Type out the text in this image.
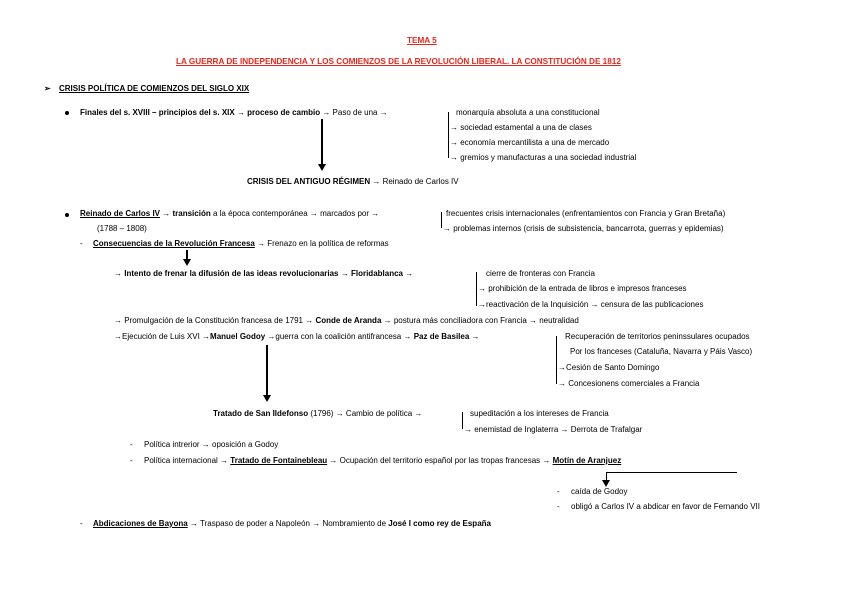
TEMA 5
LA GUERRA DE INDEPENDENCIA Y LOS COMIENZOS DE LA REVOLUCIÓN LIBERAL. LA CONSTITUCIÓN DE 1812
➢ CRISIS POLÍTICA DE COMIENZOS DEL SIGLO XIX
Finales del s. XVIII – principios del s. XIX → proceso de cambio → Paso de una →	monarquía absoluta a una constitucional
→ sociedad estamental a una de clases
→ economía mercantilista a una de mercado
→ gremios y manufacturas a una sociedad industrial
CRISIS DEL ANTIGUO RÉGIMEN → Reinado de Carlos IV
Reinado de Carlos IV → transición a la época contemporánea → marcados por →
(1788 – 1808)
frecuentes crisis internacionales (enfrentamientos con Francia y Gran Bretaña)
→ problemas internos (crisis de subsistencia, bancarrota, guerras y epidemias)
- Consecuencias de la Revolución Francesa → Frenazo en la política de reformas
→ Intento de frenar la difusión de las ideas revolucionarias → Floridablanca →	cierre de fronteras con Francia
→ prohibición de la entrada de libros e impresos franceses
→reactivación de la Inquisición → censura de las publicaciones
→ Promulgación de la Constitución francesa de 1791 → Conde de Aranda → postura más conciliadora con Francia → neutralidad
→Ejecución de Luis XVI →Manuel Godoy →guerra con la coalición antifrancesa → Paz de Basilea →	Recuperación de territorios peninssulares ocupados
Por los franceses (Cataluña, Navarra y Páis Vasco)
→Cesión de Santo Domingo
→ Concesionens comerciales a Francia
Tratado de San Ildefonso (1796) → Cambio de política →	supeditación a los intereses de Francia
→ enemistad de Inglaterra → Derrota de Trafalgar
- Política intrerior → oposición a Godoy
- Política internacional → Tratado de Fontainebleau → Ocupación del territorio español por las tropas francesas → Motín de Aranjuez
- caída de Godoy
- obligó a Carlos IV a abdicar en favor de Fernando VII
- Abdicaciones de Bayona → Traspaso de poder a Napoleón → Nombramiento de José I como rey de España
